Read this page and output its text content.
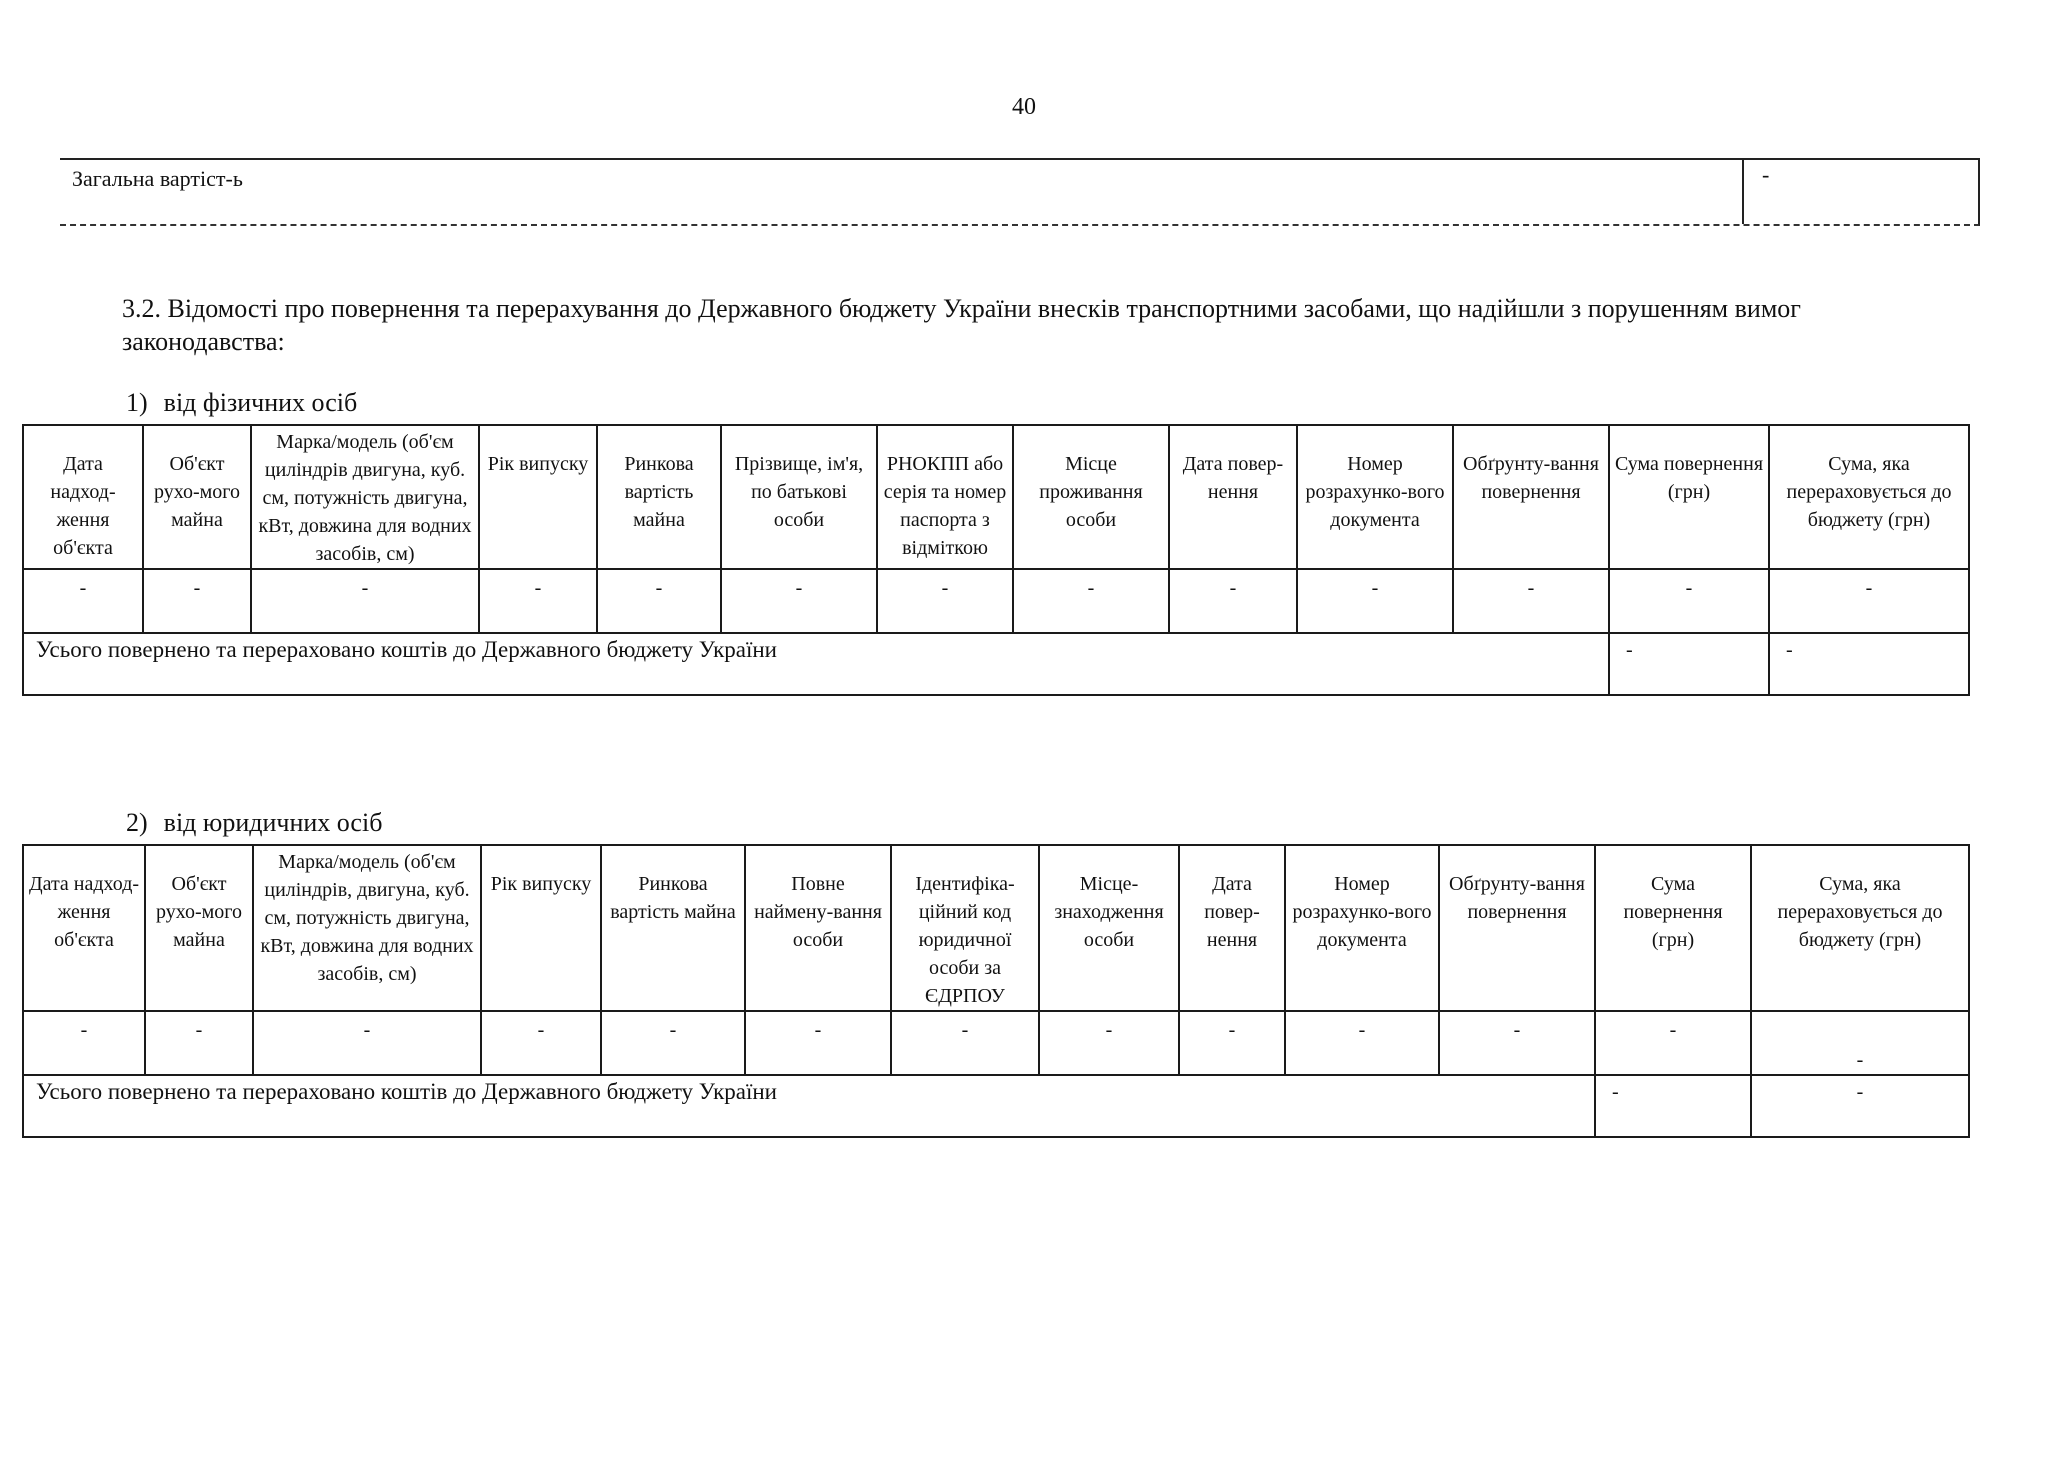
40
Загальна вартіст-ь	-
3.2. Відомості про повернення та перерахування до Державного бюджету України внесків транспортними засобами, що надійшли з порушенням вимог законодавства:
1) від фізичних осіб
Дата надход-ження об'єкта	Об'єкт рухо-мого майна	Марка/модель (об'єм циліндрів двигуна, куб. см, потужність двигуна, кВт, довжина для водних засобів, см)	Рік випуску	Ринкова вартість майна	Прізвище, ім'я, по батькові особи	РНОКПП або серія та номер паспорта з відміткою	Місце проживання особи	Дата повер-нення	Номер розрахунко-вого документа	Обґрунту-вання повернення	Сума повернення (грн)	Сума, яка перераховується до бюджету (грн)
-	-	-	-	-	-	-	-	-	-	-	-	-
Усього повернено та перераховано коштів до Державного бюджету України											-	-
2) від юридичних осіб
Дата надход-ження об'єкта	Об'єкт рухо-мого майна	Марка/модель (об'єм циліндрів, двигуна, куб. см, потужність двигуна, кВт, довжина для водних засобів, см)	Рік випуску	Ринкова вартість майна	Повне наймену-вання особи	Ідентифіка-ційний код юридичної особи за ЄДРПОУ	Місце-знаходження особи	Дата повер-нення	Номер розрахунко-вого документа	Обґрунту-вання повернення	Сума повернення (грн)	Сума, яка перераховується до бюджету (грн)
-	-	-	-	-	-	-	-	-	-	-	-	-
Усього повернено та перераховано коштів до Державного бюджету України											-	-
